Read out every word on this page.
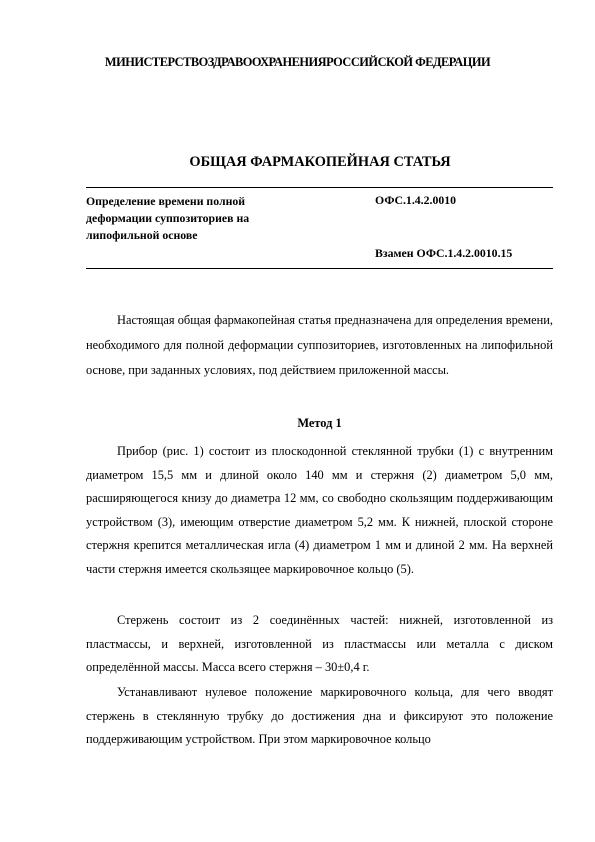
МИНИСТЕРСТВОЗДРАВООХРАНЕНИЯРОССИЙСКОЙ ФЕДЕРАЦИИ
ОБЩАЯ ФАРМАКОПЕЙНАЯ СТАТЬЯ
Определение времени полной деформации суппозиториев на липофильной основе
ОФС.1.4.2.0010
Взамен ОФС.1.4.2.0010.15

Настоящая общая фармакопейная статья предназначена для определения времени, необходимого для полной деформации суппозиториев, изготовленных на липофильной основе, при заданных условиях, под действием приложенной массы.

Метод 1

Прибор (рис. 1) состоит из плоскодонной стеклянной трубки (1) с внутренним диаметром 15,5 мм и длиной около 140 мм и стержня (2) диаметром 5,0 мм, расширяющегося книзу до диаметра 12 мм, со свободно скользящим поддерживающим устройством (3), имеющим отверстие диаметром 5,2 мм. К нижней, плоской стороне стержня крепится металлическая игла (4) диаметром 1 мм и длиной 2 мм. На верхней части стержня имеется скользящее маркировочное кольцо (5).

Стержень состоит из 2 соединённых частей: нижней, изготовленной из пластмассы, и верхней, изготовленной из пластмассы или металла с диском определённой массы. Масса всего стержня – 30±0,4 г.

Устанавливают нулевое положение маркировочного кольца, для чего вводят стержень в стеклянную трубку до достижения дна и фиксируют это положение поддерживающим устройством. При этом маркировочное кольцо
